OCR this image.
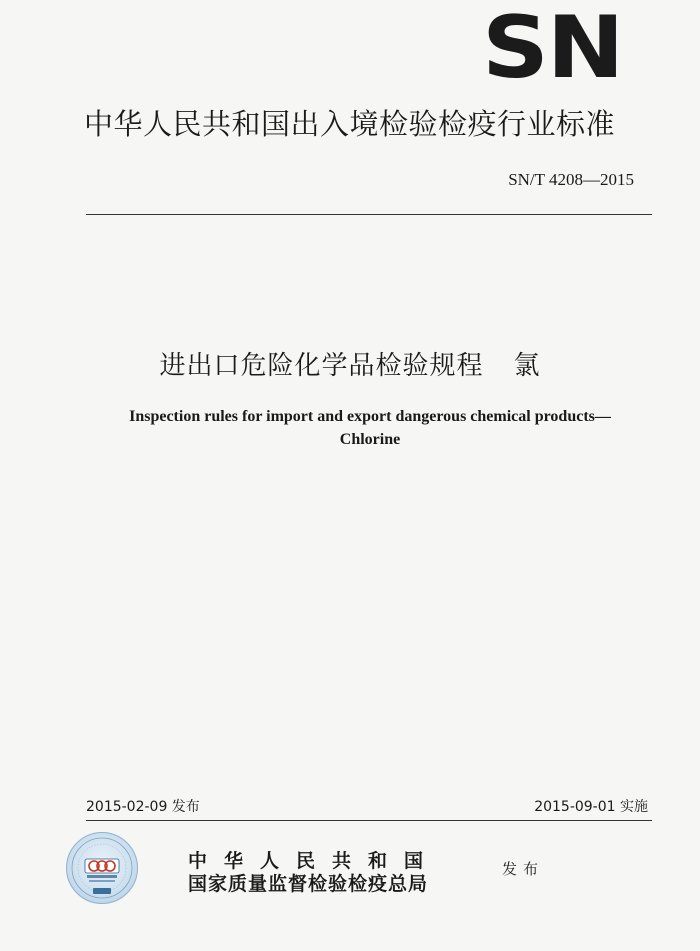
SN
中华人民共和国出入境检验检疫行业标准
SN/T 4208—2015
进出口危险化学品检验规程 氯
Inspection rules for import and export dangerous chemical products—
Chlorine
2015-02-09 发布	2015-09-01 实施
中华人民共和国
国家质量监督检验检疫总局
发布
